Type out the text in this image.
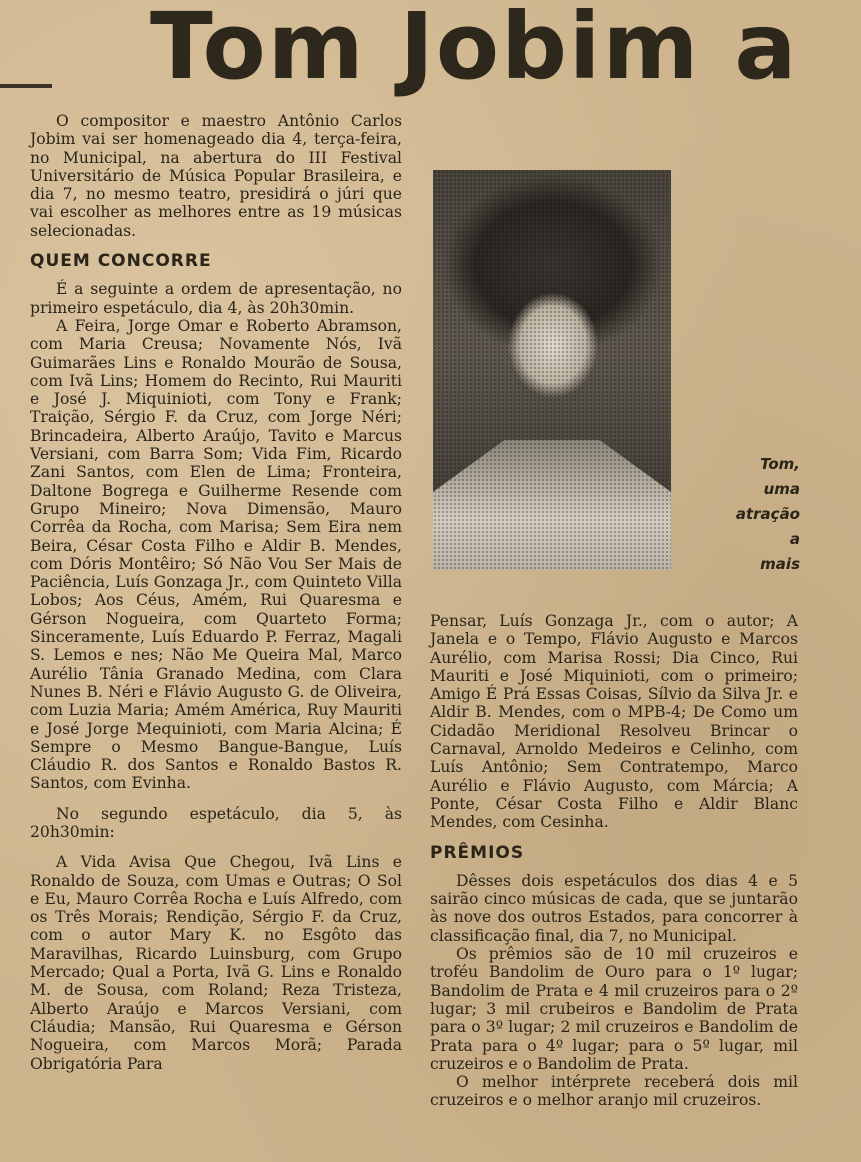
Tom Jobim a

O compositor e maestro Antônio Carlos Jobim vai ser homenageado dia 4, terça-feira, no Municipal, na abertura do III Festival Universitário de Música Popular Brasileira, e dia 7, no mesmo teatro, presidirá o júri que vai escolher as melhores entre as 19 músicas selecionadas.

QUEM CONCORRE

É a seguinte a ordem de apresentação, no primeiro espetáculo, dia 4, às 20h30min.

A Feira, Jorge Omar e Roberto Abramson, com Maria Creusa; Novamente Nós, Ivã Guimarães Lins e Ronaldo Mourão de Sousa, com Ivã Lins; Homem do Recinto, Rui Mauriti e José J. Miquinioti, com Tony e Frank; Traição, Sérgio F. da Cruz, com Jorge Néri; Brincadeira, Alberto Araújo, Tavito e Marcus Versiani, com Barra Som; Vida Fim, Ricardo Zani Santos, com Elen de Lima; Fronteira, Daltone Bogrega e Guilherme Resende com Grupo Mineiro; Nova Dimensão, Mauro Corrêa da Rocha, com Marisa; Sem Eira nem Beira, César Costa Filho e Aldir B. Mendes, com Dóris Montêiro; Só Não Vou Ser Mais de Paciência, Luís Gonzaga Jr., com Quinteto Villa Lobos; Aos Céus, Amém, Rui Quaresma e Gérson Nogueira, com Quarteto Forma; Sinceramente, Luís Eduardo P. Ferraz, Magali S. Lemos e nes; Não Me Queira Mal, Marco Aurélio Tânia Granado Medina, com Clara Nunes B. Néri e Flávio Augusto G. de Oliveira, com Luzia Maria; Amém América, Ruy Mauriti e José Jorge Mequinioti, com Maria Alcina; É Sempre o Mesmo Bangue-Bangue, Luís Cláudio R. dos Santos e Ronaldo Bastos R. Santos, com Evinha.

No segundo espetáculo, dia 5, às 20h30min:

A Vida Avisa Que Chegou, Ivã Lins e Ronaldo de Souza, com Umas e Outras; O Sol e Eu, Mauro Corrêa Rocha e Luís Alfredo, com os Três Morais; Rendição, Sérgio F. da Cruz, com o autor Mary K. no Esgôto das Maravilhas, Ricardo Luinsburg, com Grupo Mercado; Qual a Porta, Ivã G. Lins e Ronaldo M. de Sousa, com Roland; Reza Tristeza, Alberto Araújo e Marcos Versiani, com Cláudia; Mansão, Rui Quaresma e Gérson Nogueira, com Marcos Morã; Parada Obrigatória Para

Tom,
uma
atração
a
mais

Pensar, Luís Gonzaga Jr., com o autor; A Janela e o Tempo, Flávio Augusto e Marcos Aurélio, com Marisa Rossi; Dia Cinco, Rui Mauriti e José Miquinioti, com o primeiro; Amigo É Prá Essas Coisas, Sílvio da Silva Jr. e Aldir B. Mendes, com o MPB-4; De Como um Cidadão Meridional Resolveu Brincar o Carnaval, Arnoldo Medeiros e Celinho, com Luís Antônio; Sem Contratempo, Marco Aurélio e Flávio Augusto, com Márcia; A Ponte, César Costa Filho e Aldir Blanc Mendes, com Cesinha.

PRÊMIOS

Dêsses dois espetáculos dos dias 4 e 5 sairão cinco músicas de cada, que se juntarão às nove dos outros Estados, para concorrer à classificação final, dia 7, no Municipal.

Os prêmios são de 10 mil cruzeiros e troféu Bandolim de Ouro para o 1º lugar; Bandolim de Prata e 4 mil cruzeiros para o 2º lugar; 3 mil crubeiros e Bandolim de Prata para o 3º lugar; 2 mil cruzeiros e Bandolim de Prata para o 4º lugar; para o 5º lugar, mil cruzeiros e o Bandolim de Prata.

O melhor intérprete receberá dois mil cruzeiros e o melhor aranjo mil cruzeiros.
